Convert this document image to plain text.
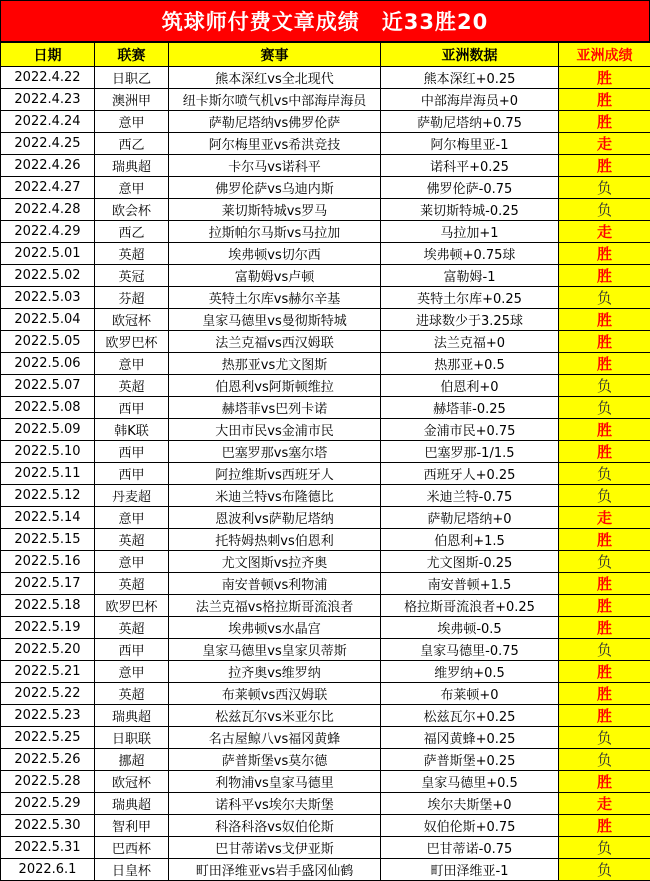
筑球师付费文章成绩　近33胜20
日期	联赛	赛事	亚洲数据	亚洲成绩
2022.4.22	日职乙	熊本深红vs全北现代	熊本深红+0.25	胜
2022.4.23	澳洲甲	纽卡斯尔喷气机vs中部海岸海员	中部海岸海员+0	胜
2022.4.24	意甲	萨勒尼塔纳vs佛罗伦萨	萨勒尼塔纳+0.75	胜
2022.4.25	西乙	阿尔梅里亚vs希洪竞技	阿尔梅里亚-1	走
2022.4.26	瑞典超	卡尔马vs诺科平	诺科平+0.25	胜
2022.4.27	意甲	佛罗伦萨vs乌迪内斯	佛罗伦萨-0.75	负
2022.4.28	欧会杯	莱切斯特城vs罗马	莱切斯特城-0.25	负
2022.4.29	西乙	拉斯帕尔马斯vs马拉加	马拉加+1	走
2022.5.01	英超	埃弗顿vs切尔西	埃弗顿+0.75球	胜
2022.5.02	英冠	富勒姆vs卢顿	富勒姆-1	胜
2022.5.03	芬超	英特土尔库vs赫尔辛基	英特土尔库+0.25	负
2022.5.04	欧冠杯	皇家马德里vs曼彻斯特城	进球数少于3.25球	胜
2022.5.05	欧罗巴杯	法兰克福vs西汉姆联	法兰克福+0	胜
2022.5.06	意甲	热那亚vs尤文图斯	热那亚+0.5	胜
2022.5.07	英超	伯恩利vs阿斯顿维拉	伯恩利+0	负
2022.5.08	西甲	赫塔菲vs巴列卡诺	赫塔菲-0.25	负
2022.5.09	韩K联	大田市民vs金浦市民	金浦市民+0.75	胜
2022.5.10	西甲	巴塞罗那vs塞尔塔	巴塞罗那-1/1.5	胜
2022.5.11	西甲	阿拉维斯vs西班牙人	西班牙人+0.25	负
2022.5.12	丹麦超	米迪兰特vs布隆德比	米迪兰特-0.75	负
2022.5.14	意甲	恩波利vs萨勒尼塔纳	萨勒尼塔纳+0	走
2022.5.15	英超	托特姆热刺vs伯恩利	伯恩利+1.5	胜
2022.5.16	意甲	尤文图斯vs拉齐奥	尤文图斯-0.25	负
2022.5.17	英超	南安普顿vs利物浦	南安普顿+1.5	胜
2022.5.18	欧罗巴杯	法兰克福vs格拉斯哥流浪者	格拉斯哥流浪者+0.25	胜
2022.5.19	英超	埃弗顿vs水晶宫	埃弗顿-0.5	胜
2022.5.20	西甲	皇家马德里vs皇家贝蒂斯	皇家马德里-0.75	负
2022.5.21	意甲	拉齐奥vs维罗纳	维罗纳+0.5	胜
2022.5.22	英超	布莱顿vs西汉姆联	布莱顿+0	胜
2022.5.23	瑞典超	松兹瓦尔vs米亚尔比	松兹瓦尔+0.25	胜
2022.5.25	日职联	名古屋鲸八vs福冈黄蜂	福冈黄蜂+0.25	负
2022.5.26	挪超	萨普斯堡vs莫尔德	萨普斯堡+0.25	负
2022.5.28	欧冠杯	利物浦vs皇家马德里	皇家马德里+0.5	胜
2022.5.29	瑞典超	诺科平vs埃尔夫斯堡	埃尔夫斯堡+0	走
2022.5.30	智利甲	科洛科洛vs奴伯伦斯	奴伯伦斯+0.75	胜
2022.5.31	巴西杯	巴甘蒂诺vs戈伊亚斯	巴甘蒂诺-0.75	负
2022.6.1	日皇杯	町田泽维亚vs岩手盛冈仙鹤	町田泽维亚-1	负
